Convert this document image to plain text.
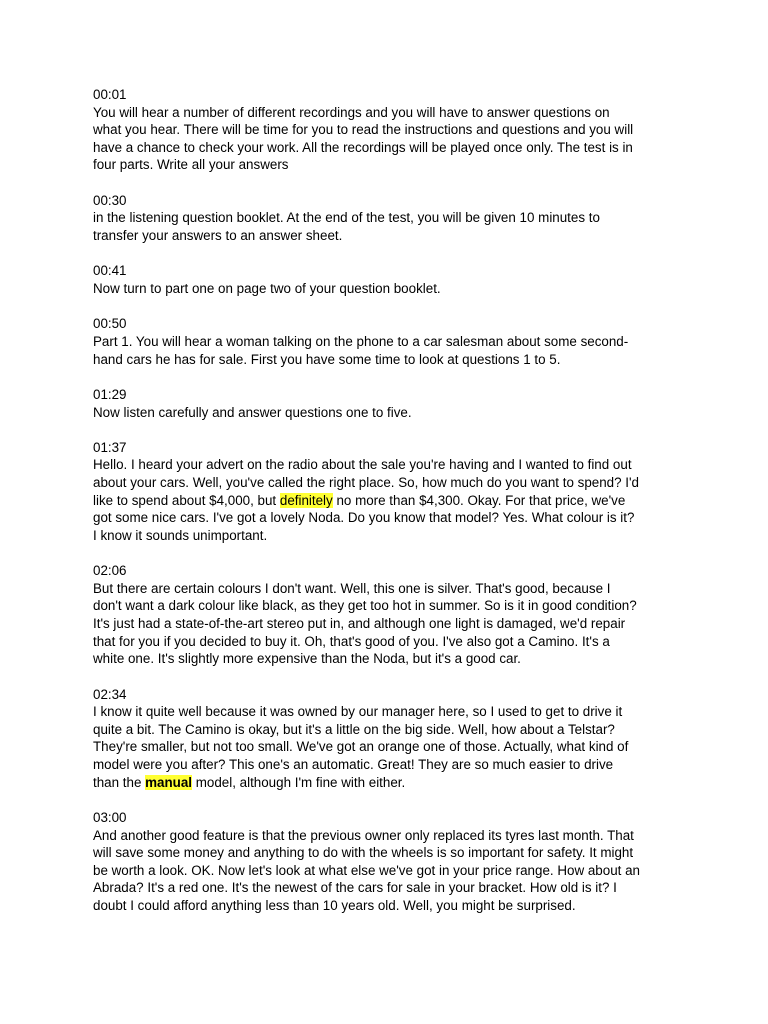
00:01
You will hear a number of different recordings and you will have to answer questions on
what you hear. There will be time for you to read the instructions and questions and you will
have a chance to check your work. All the recordings will be played once only. The test is in
four parts. Write all your answers
00:30
in the listening question booklet. At the end of the test, you will be given 10 minutes to
transfer your answers to an answer sheet.
00:41
Now turn to part one on page two of your question booklet.
00:50
Part 1. You will hear a woman talking on the phone to a car salesman about some second-
hand cars he has for sale. First you have some time to look at questions 1 to 5.
01:29
Now listen carefully and answer questions one to five.
01:37
Hello. I heard your advert on the radio about the sale you're having and I wanted to find out
about your cars. Well, you've called the right place. So, how much do you want to spend? I'd
like to spend about $4,000, but definitely no more than $4,300. Okay. For that price, we've
got some nice cars. I've got a lovely Noda. Do you know that model? Yes. What colour is it?
I know it sounds unimportant.
02:06
But there are certain colours I don't want. Well, this one is silver. That's good, because I
don't want a dark colour like black, as they get too hot in summer. So is it in good condition?
It's just had a state-of-the-art stereo put in, and although one light is damaged, we'd repair
that for you if you decided to buy it. Oh, that's good of you. I've also got a Camino. It's a
white one. It's slightly more expensive than the Noda, but it's a good car.
02:34
I know it quite well because it was owned by our manager here, so I used to get to drive it
quite a bit. The Camino is okay, but it's a little on the big side. Well, how about a Telstar?
They're smaller, but not too small. We've got an orange one of those. Actually, what kind of
model were you after? This one's an automatic. Great! They are so much easier to drive
than the manual model, although I'm fine with either.
03:00
And another good feature is that the previous owner only replaced its tyres last month. That
will save some money and anything to do with the wheels is so important for safety. It might
be worth a look. OK. Now let's look at what else we've got in your price range. How about an
Abrada? It's a red one. It's the newest of the cars for sale in your bracket. How old is it? I
doubt I could afford anything less than 10 years old. Well, you might be surprised.
